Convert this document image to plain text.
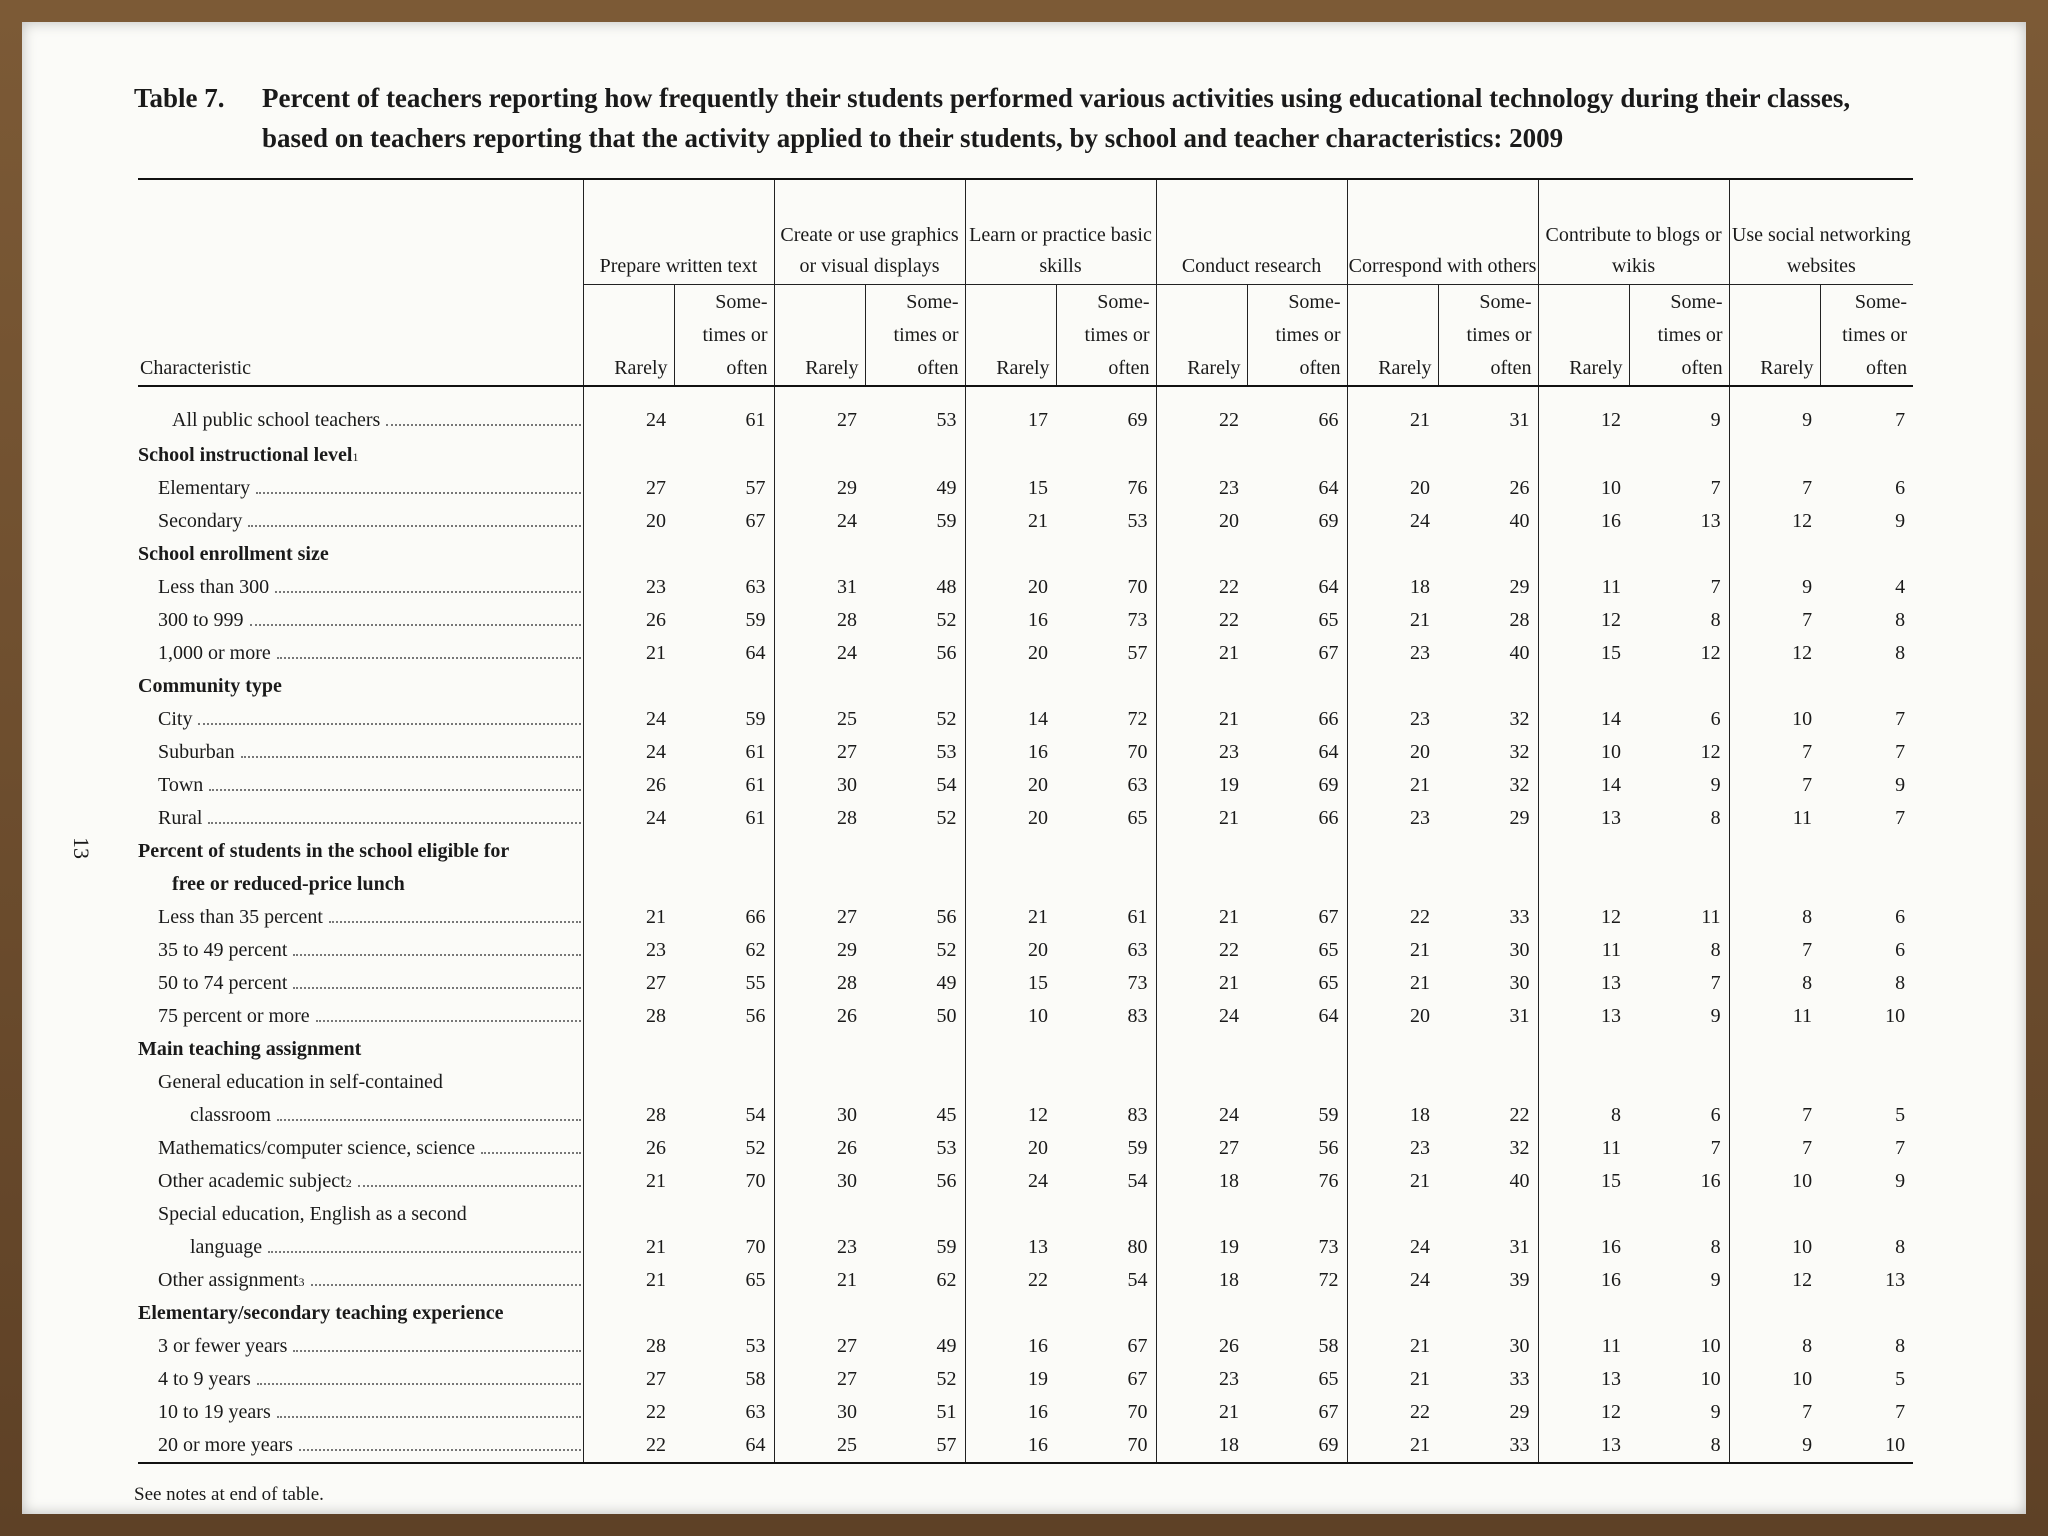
13
Table 7. Percent of teachers reporting how frequently their students performed various activities using educational technology during their classes, based on teachers reporting that the activity applied to their students, by school and teacher characteristics: 2009
Characteristic	Prepare written text		Create or use graphics or visual displays		Learn or practice basic skills		Conduct research		Correspond with others		Contribute to blogs or wikis		Use social networking websites	
	Rarely	Some- times or often	Rarely	Some- times or often	Rarely	Some- times or often	Rarely	Some- times or often	Rarely	Some- times or often	Rarely	Some- times or often	Rarely	Some- times or often

All public school teachers	24	61	27	53	17	69	22	66	21	31	12	9	9	7

School instructional level 1														

Elementary	27	57	29	49	15	76	23	64	20	26	10	7	7	6

Secondary	20	67	24	59	21	53	20	69	24	40	16	13	12	9

School enrollment size														

Less than 300	23	63	31	48	20	70	22	64	18	29	11	7	9	4

300 to 999	26	59	28	52	16	73	22	65	21	28	12	8	7	8

1,000 or more	21	64	24	56	20	57	21	67	23	40	15	12	12	8

Community type														

City	24	59	25	52	14	72	21	66	23	32	14	6	10	7

Suburban	24	61	27	53	16	70	23	64	20	32	10	12	7	7

Town	26	61	30	54	20	63	19	69	21	32	14	9	7	9

Rural	24	61	28	52	20	65	21	66	23	29	13	8	11	7

Percent of students in the school eligible for														

free or reduced-price lunch														

Less than 35 percent	21	66	27	56	21	61	21	67	22	33	12	11	8	6

35 to 49 percent	23	62	29	52	20	63	22	65	21	30	11	8	7	6

50 to 74 percent	27	55	28	49	15	73	21	65	21	30	13	7	8	8

75 percent or more	28	56	26	50	10	83	24	64	20	31	13	9	11	10

Main teaching assignment														

General education in self-contained														

classroom	28	54	30	45	12	83	24	59	18	22	8	6	7	5

Mathematics/computer science, science	26	52	26	53	20	59	27	56	23	32	11	7	7	7

Other academic subject 2	21	70	30	56	24	54	18	76	21	40	15	16	10	9

Special education, English as a second														

language	21	70	23	59	13	80	19	73	24	31	16	8	10	8

Other assignment 3	21	65	21	62	22	54	18	72	24	39	16	9	12	13

Elementary/secondary teaching experience														

3 or fewer years	28	53	27	49	16	67	26	58	21	30	11	10	8	8

4 to 9 years	27	58	27	52	19	67	23	65	21	33	13	10	10	5

10 to 19 years	22	63	30	51	16	70	21	67	22	29	12	9	7	7

20 or more years	22	64	25	57	16	70	18	69	21	33	13	8	9	10
See notes at end of table.
